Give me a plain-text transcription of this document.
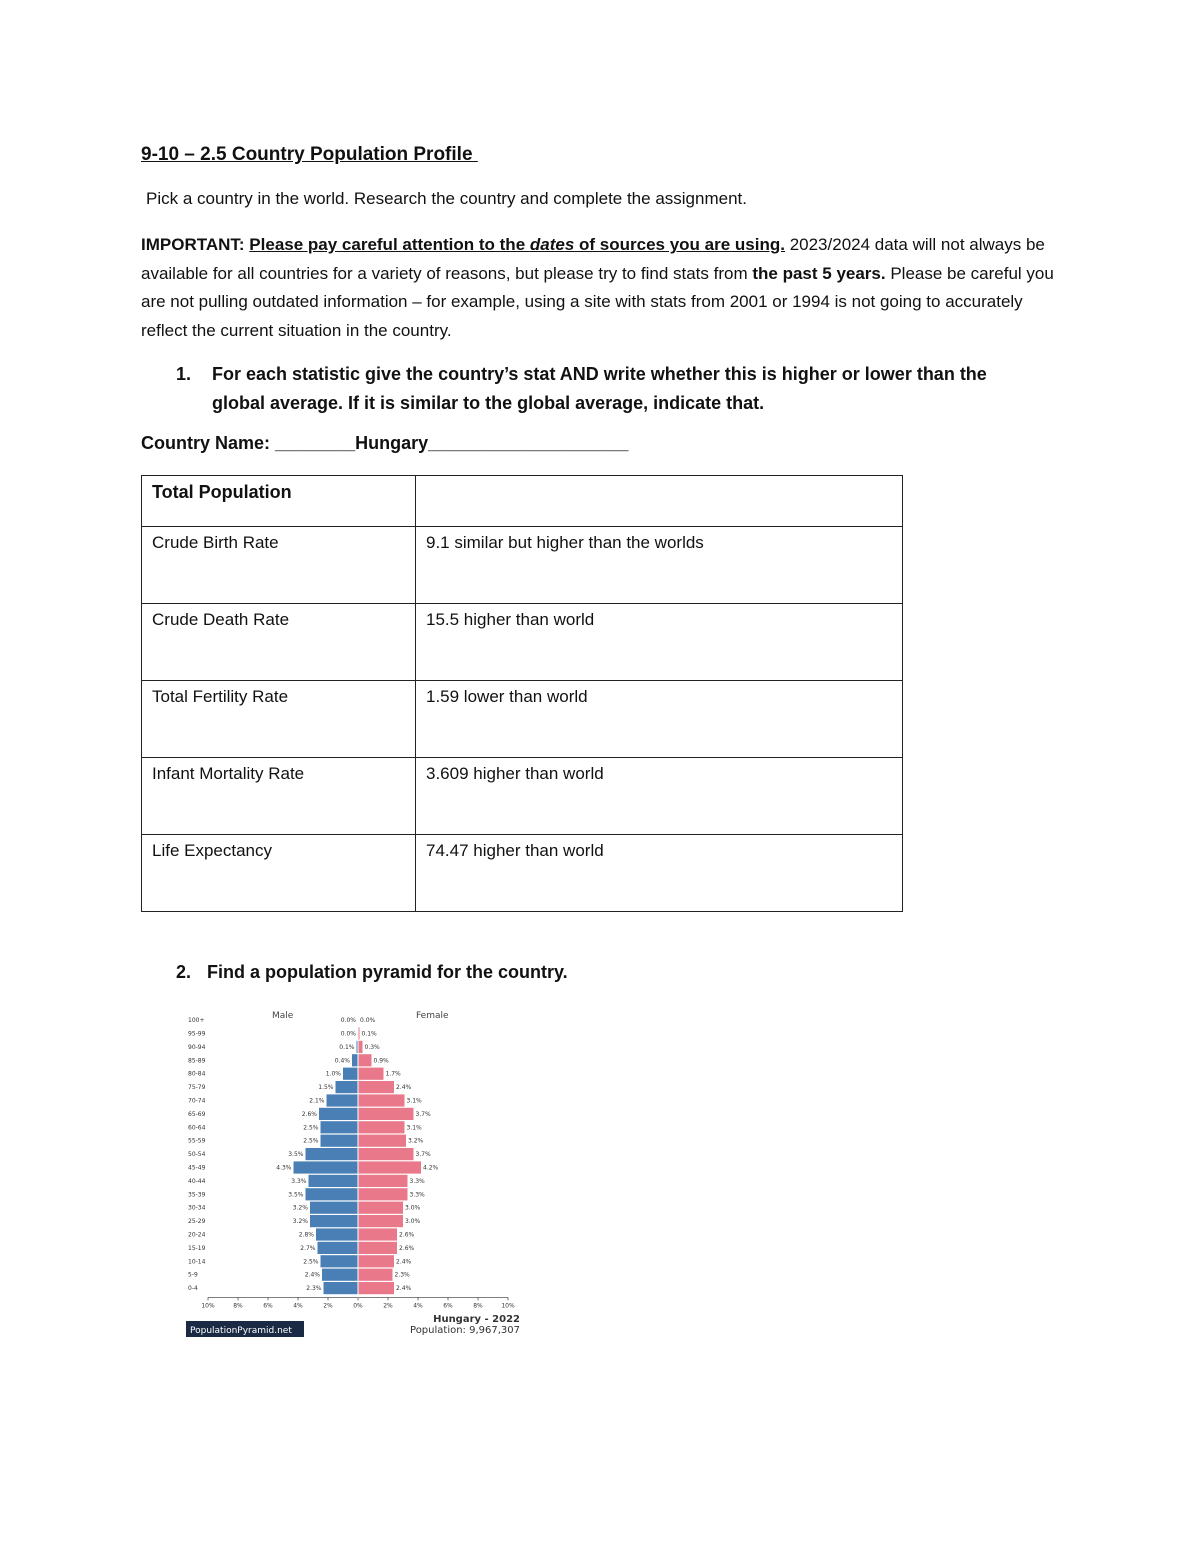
9-10 – 2.5 Country Population Profile
Pick a country in the world. Research the country and complete the assignment.
IMPORTANT: Please pay careful attention to the dates of sources you are using. 2023/2024 data will not always be available for all countries for a variety of reasons, but please try to find stats from the past 5 years. Please be careful you are not pulling outdated information – for example, using a site with stats from 2001 or 1994 is not going to accurately reflect the current situation in the country.
1. For each statistic give the country’s stat AND write whether this is higher or lower than the global average. If it is similar to the global average, indicate that.
Country Name: ________Hungary____________________
Total Population	
Crude Birth Rate	9.1 similar but higher than the worlds
Crude Death Rate	15.5 higher than world
Total Fertility Rate	1.59 lower than world
Infant Mortality Rate	3.609 higher than world
Life Expectancy	74.47 higher than world
2. Find a population pyramid for the country.
100+
95-99
90-94
85-89
80-84
75-79
70-74
65-69
60-64
55-59
50-54
45-49
40-44
35-39
30-34
25-29
20-24
15-19
10-14
5-9
0-4
0.0% 0.0%
0.0% 0.1%
0.1% 0.3%
0.4%	0.9%
1.0%	1.7%
1.5%	2.4%
2.1%	3.1%
2.6%	3.7%
2.5%	3.1%
2.5%	3.2%
3.5%	3.7%
4.3%	4.2%
3.3%	3.3%
3.5%	3.3%
3.2%	3.0%
3.2%	3.0%
2.8%	2.6%
2.7%	2.6%
2.5%	2.4%
2.4%	2.3%
2.3%	2.4%
10%	8%	6%	4%	2%	0%	2%	4%	6%	8%	10%
Male	Female
Hungary - 2022
Population: 9,967,307
PopulationPyramid.net
